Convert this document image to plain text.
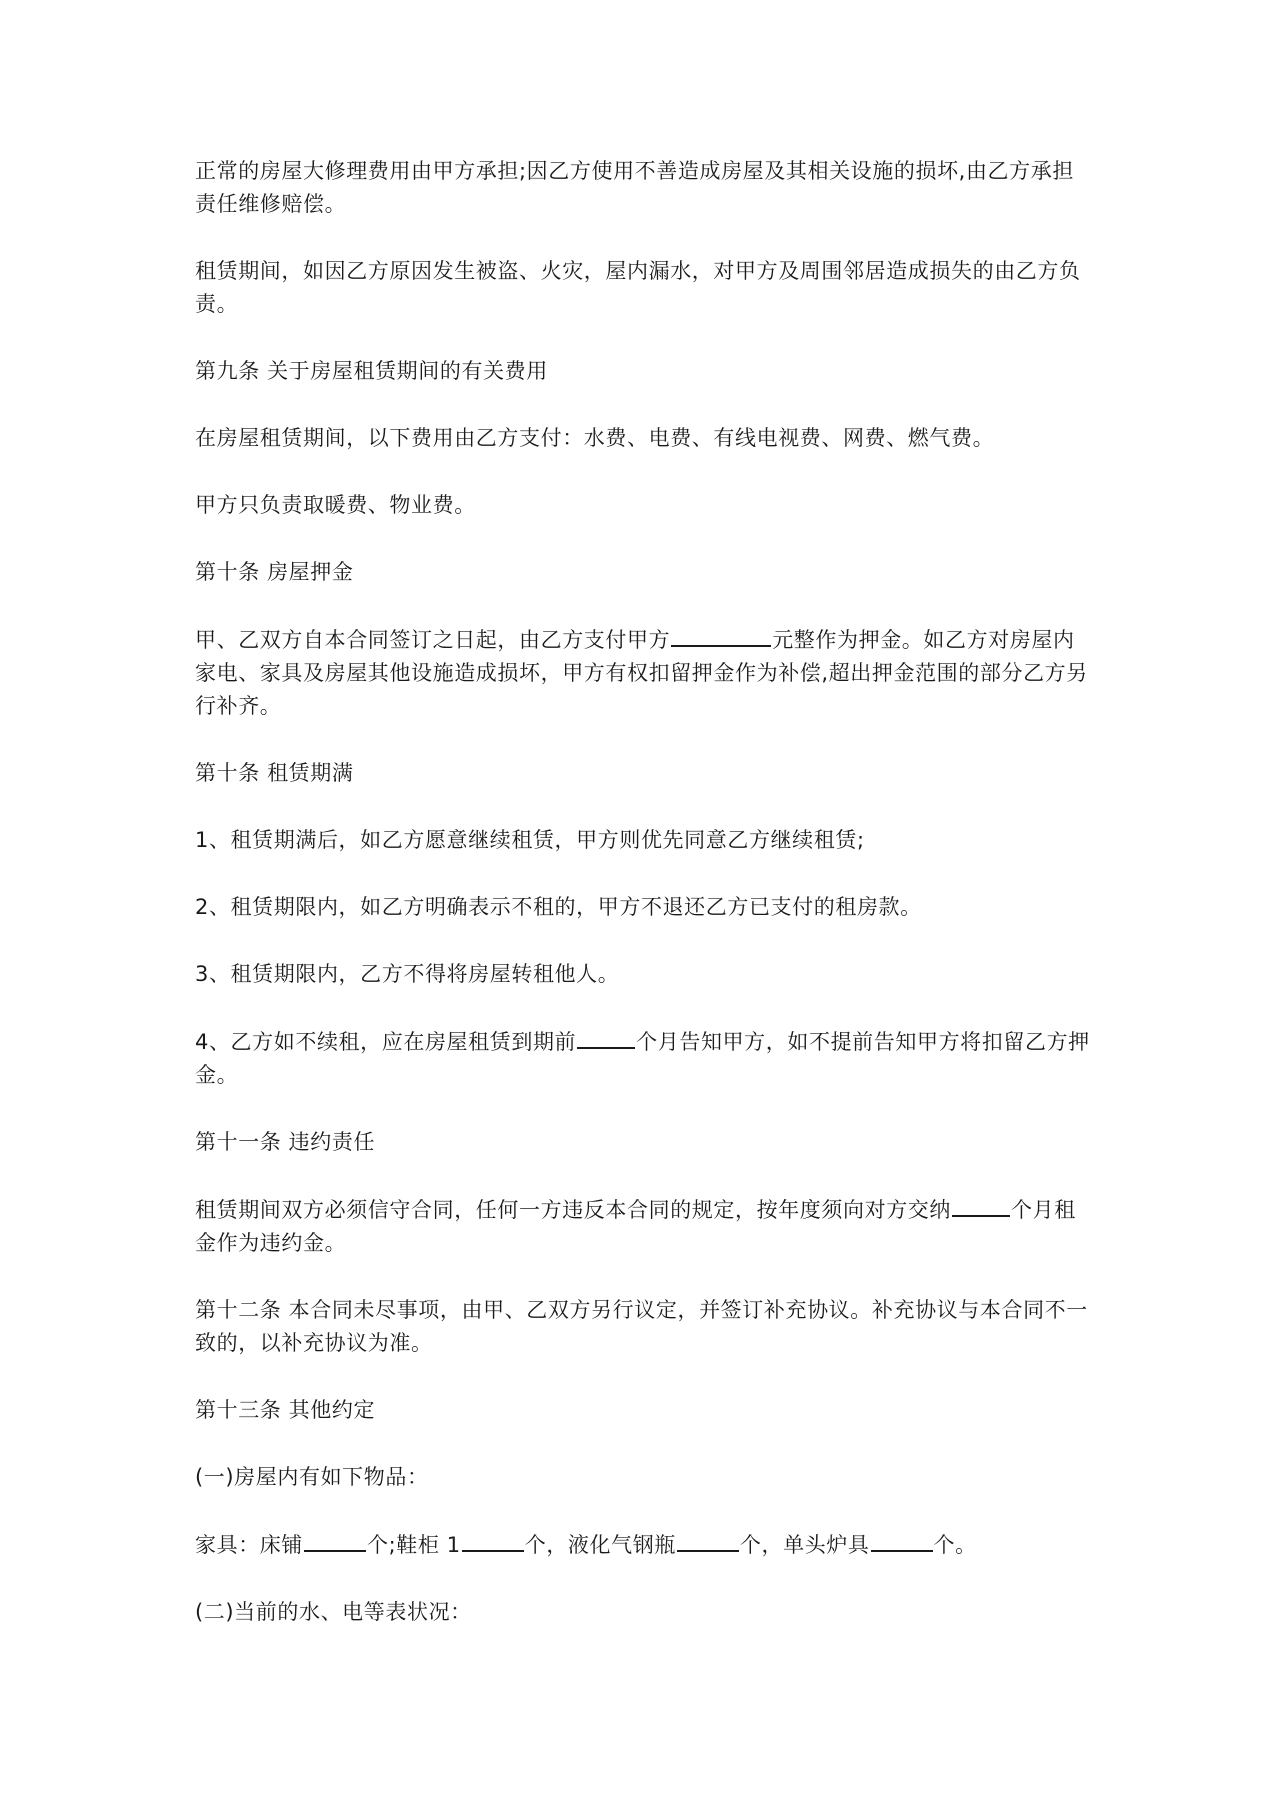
正常的房屋大修理费用由甲方承担;因乙方使用不善造成房屋及其相关设施的损坏,由乙方承担责任维修赔偿。

租赁期间，如因乙方原因发生被盗、火灾，屋内漏水，对甲方及周围邻居造成损失的由乙方负责。

第九条 关于房屋租赁期间的有关费用

在房屋租赁期间，以下费用由乙方支付：水费、电费、有线电视费、网费、燃气费。

甲方只负责取暖费、物业费。

第十条 房屋押金

甲、乙双方自本合同签订之日起，由乙方支付甲方	元整作为押金。如乙方对房屋内家电、家具及房屋其他设施造成损坏，甲方有权扣留押金作为补偿,超出押金范围的部分乙方另行补齐。

第十条 租赁期满

1、租赁期满后，如乙方愿意继续租赁，甲方则优先同意乙方继续租赁;

2、租赁期限内，如乙方明确表示不租的，甲方不退还乙方已支付的租房款。

3、租赁期限内，乙方不得将房屋转租他人。

4、乙方如不续租，应在房屋租赁到期前	个月告知甲方，如不提前告知甲方将扣留乙方押金。

第十一条 违约责任

租赁期间双方必须信守合同，任何一方违反本合同的规定，按年度须向对方交纳	个月租金作为违约金。

第十二条 本合同未尽事项，由甲、乙双方另行议定，并签订补充协议。补充协议与本合同不一致的，以补充协议为准。

第十三条 其他约定

(一)房屋内有如下物品：

家具：床铺	个;鞋柜 1	个，液化气钢瓶	个，单头炉具	个。

(二)当前的水、电等表状况：
